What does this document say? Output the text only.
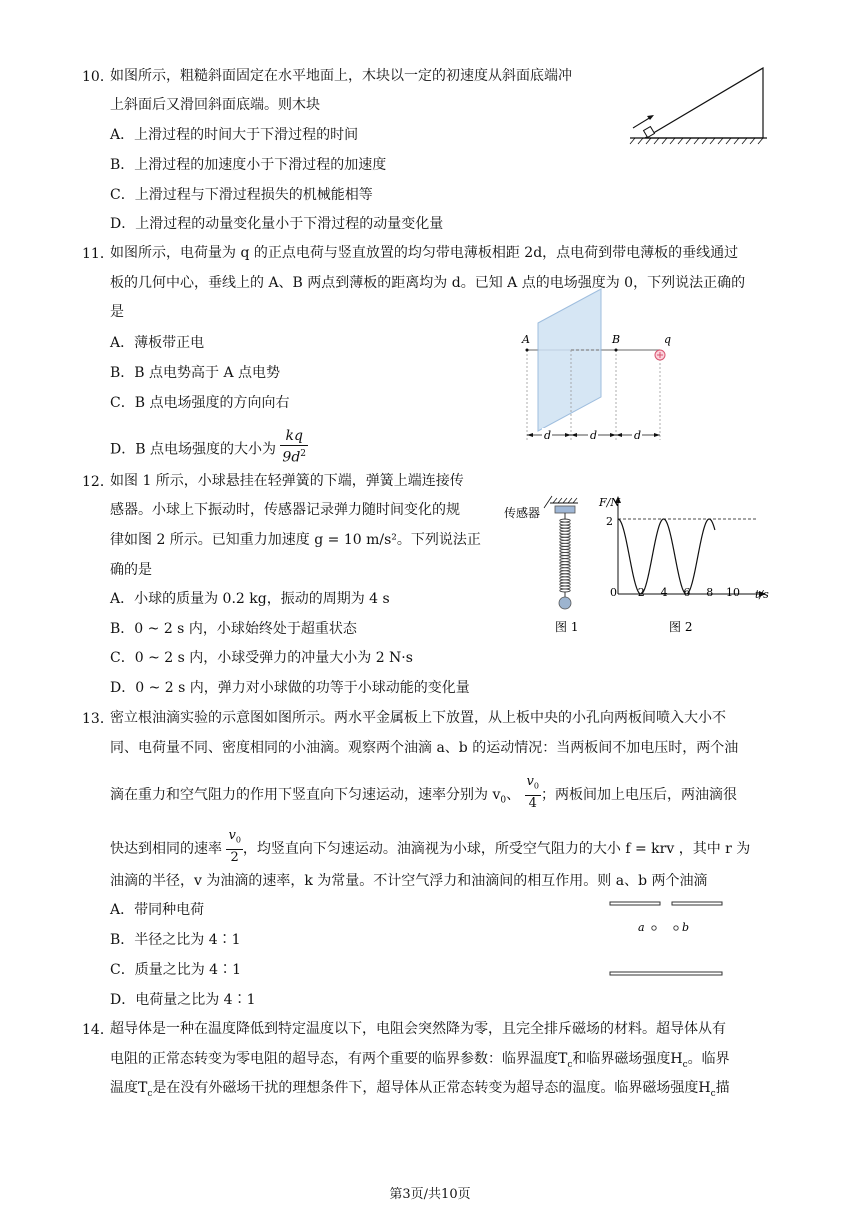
10．
如图所示，粗糙斜面固定在水平地面上，木块以一定的初速度从斜面底端冲
上斜面后又滑回斜面底端。则木块
A．上滑过程的时间大于下滑过程的时间
B．上滑过程的加速度小于下滑过程的加速度
C．上滑过程与下滑过程损失的机械能相等
D．上滑过程的动量变化量小于下滑过程的动量变化量
11．
如图所示，电荷量为 q 的正点电荷与竖直放置的均匀带电薄板相距 2d，点电荷到带电薄板的垂线通过
板的几何中心，垂线上的 A、B 两点到薄板的距离均为 d。已知 A 点的电场强度为 0，下列说法正确的
是
A．薄板带正电
B．B 点电势高于 A 点电势
C．B 点电场强度的方向向右
D．B 点电场强度的大小为 $\frac{kq}{9d^2}$
A	B	q
d	d	d
12．
如图 1 所示，小球悬挂在轻弹簧的下端，弹簧上端连接传
感器。小球上下振动时，传感器记录弹力随时间变化的规
律如图 2 所示。已知重力加速度 g = 10 m/s²。下列说法正
确的是
A．小球的质量为 0.2 kg，振动的周期为 4 s
B．0 ~ 2 s 内，小球始终处于超重状态
C．0 ~ 2 s 内，小球受弹力的冲量大小为 2 N·s
D．0 ~ 2 s 内，弹力对小球做的功等于小球动能的变化量
传感器
图 1
F/N
t/s
2
0 2 4 6 8 10
图 2
13．
密立根油滴实验的示意图如图所示。两水平金属板上下放置，从上板中央的小孔向两板间喷入大小不
同、电荷量不同、密度相同的小油滴。观察两个油滴 a、b 的运动情况：当两板间不加电压时，两个油
滴在重力和空气阻力的作用下竖直向下匀速运动，速率分别为 $v_0$、 $\frac{v_0}{4}$ ；两板间加上电压后，两油滴很
快达到相同的速率 $\frac{v_0}{2}$ ，均竖直向下匀速运动。油滴视为小球，所受空气阻力的大小 f = krv ，其中 r 为
油滴的半径，v 为油滴的速率，k 为常量。不计空气浮力和油滴间的相互作用。则 a、b 两个油滴
A．带同种电荷
B．半径之比为 4∶1
C．质量之比为 4∶1
D．电荷量之比为 4∶1
a	b
14．
超导体是一种在温度降低到特定温度以下，电阻会突然降为零，且完全排斥磁场的材料。超导体从有
电阻的正常态转变为零电阻的超导态，有两个重要的临界参数：临界温度$T_c$和临界磁场强度$H_c$。临界
温度$T_c$是在没有外磁场干扰的理想条件下，超导体从正常态转变为超导态的温度。临界磁场强度$H_c$描
第3页/共10页
